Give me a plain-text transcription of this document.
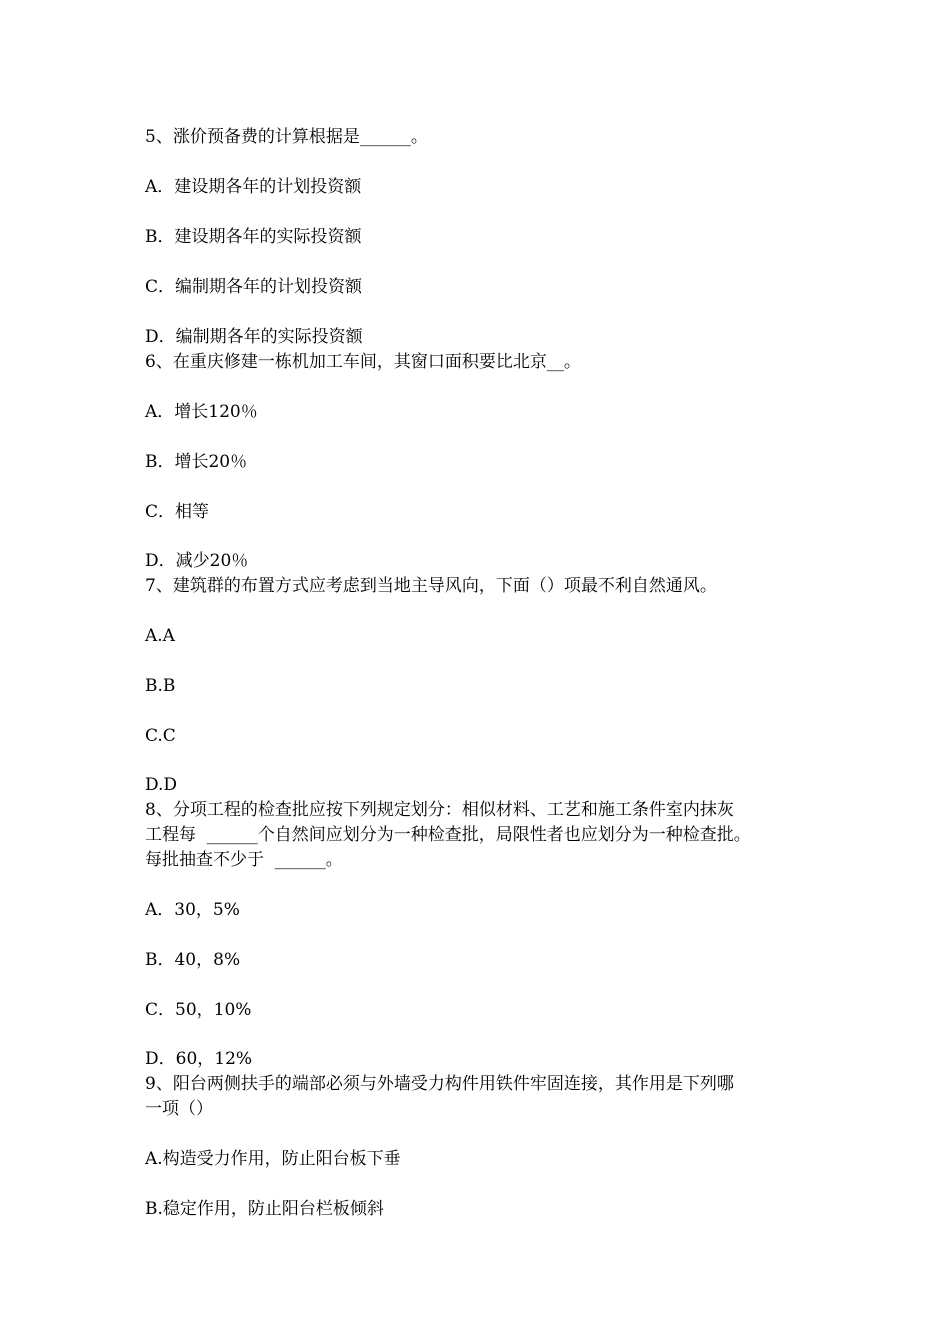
5、涨价预备费的计算根据是______。
A．建设期各年的计划投资额
B．建设期各年的实际投资额
C．编制期各年的计划投资额
D．编制期各年的实际投资额
6、在重庆修建一栋机加工车间，其窗口面积要比北京__。
A．增长120％
B．增长20％
C．相等
D．减少20％
7、建筑群的布置方式应考虑到当地主导风向，下面（）项最不利自然通风。
A.A
B.B
C.C
D.D
8、分项工程的检查批应按下列规定划分：相似材料、工艺和施工条件室内抹灰
工程每  ______个自然间应划分为一种检查批，局限性者也应划分为一种检查批。
每批抽查不少于  ______。
A．30，5%
B．40，8%
C．50，10%
D．60，12%
9、阳台两侧扶手的端部必须与外墙受力构件用铁件牢固连接，其作用是下列哪
一项（）
A.构造受力作用，防止阳台板下垂
B.稳定作用，防止阳台栏板倾斜
